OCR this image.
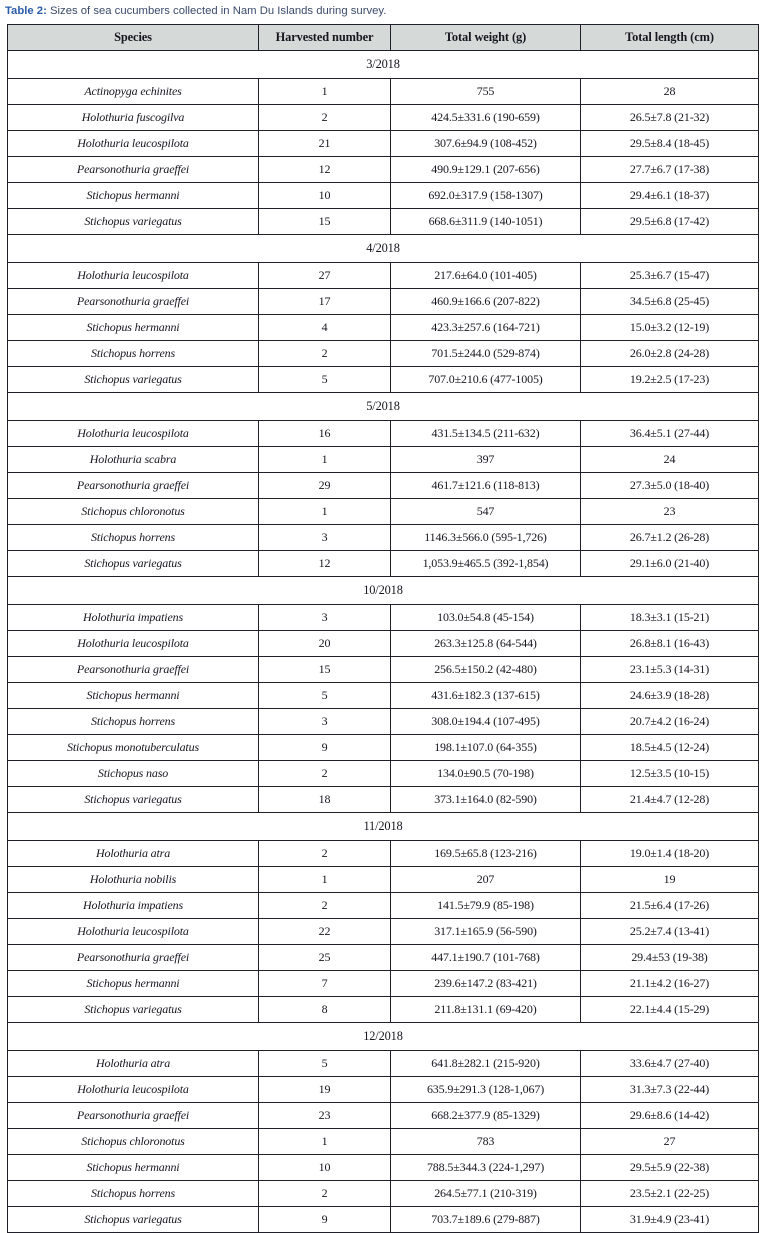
Table 2: Sizes of sea cucumbers collected in Nam Du Islands during survey.
Species	Harvested number	Total weight (g)	Total length (cm)
3/2018			
Actinopyga echinites	1	755	28
Holothuria fuscogilva	2	424.5±331.6 (190-659)	26.5±7.8 (21-32)
Holothuria leucospilota	21	307.6±94.9 (108-452)	29.5±8.4 (18-45)
Pearsonothuria graeffei	12	490.9±129.1 (207-656)	27.7±6.7 (17-38)
Stichopus hermanni	10	692.0±317.9 (158-1307)	29.4±6.1 (18-37)
Stichopus variegatus	15	668.6±311.9 (140-1051)	29.5±6.8 (17-42)
4/2018			
Holothuria leucospilota	27	217.6±64.0 (101-405)	25.3±6.7 (15-47)
Pearsonothuria graeffei	17	460.9±166.6 (207-822)	34.5±6.8 (25-45)
Stichopus hermanni	4	423.3±257.6 (164-721)	15.0±3.2 (12-19)
Stichopus horrens	2	701.5±244.0 (529-874)	26.0±2.8 (24-28)
Stichopus variegatus	5	707.0±210.6 (477-1005)	19.2±2.5 (17-23)
5/2018			
Holothuria leucospilota	16	431.5±134.5 (211-632)	36.4±5.1 (27-44)
Holothuria scabra	1	397	24
Pearsonothuria graeffei	29	461.7±121.6 (118-813)	27.3±5.0 (18-40)
Stichopus chloronotus	1	547	23
Stichopus horrens	3	1146.3±566.0 (595-1,726)	26.7±1.2 (26-28)
Stichopus variegatus	12	1,053.9±465.5 (392-1,854)	29.1±6.0 (21-40)
10/2018			
Holothuria impatiens	3	103.0±54.8 (45-154)	18.3±3.1 (15-21)
Holothuria leucospilota	20	263.3±125.8 (64-544)	26.8±8.1 (16-43)
Pearsonothuria graeffei	15	256.5±150.2 (42-480)	23.1±5.3 (14-31)
Stichopus hermanni	5	431.6±182.3 (137-615)	24.6±3.9 (18-28)
Stichopus horrens	3	308.0±194.4 (107-495)	20.7±4.2 (16-24)
Stichopus monotuberculatus	9	198.1±107.0 (64-355)	18.5±4.5 (12-24)
Stichopus naso	2	134.0±90.5 (70-198)	12.5±3.5 (10-15)
Stichopus variegatus	18	373.1±164.0 (82-590)	21.4±4.7 (12-28)
11/2018			
Holothuria atra	2	169.5±65.8 (123-216)	19.0±1.4 (18-20)
Holothuria nobilis	1	207	19
Holothuria impatiens	2	141.5±79.9 (85-198)	21.5±6.4 (17-26)
Holothuria leucospilota	22	317.1±165.9 (56-590)	25.2±7.4 (13-41)
Pearsonothuria graeffei	25	447.1±190.7 (101-768)	29.4±53 (19-38)
Stichopus hermanni	7	239.6±147.2 (83-421)	21.1±4.2 (16-27)
Stichopus variegatus	8	211.8±131.1 (69-420)	22.1±4.4 (15-29)
12/2018			
Holothuria atra	5	641.8±282.1 (215-920)	33.6±4.7 (27-40)
Holothuria leucospilota	19	635.9±291.3 (128-1,067)	31.3±7.3 (22-44)
Pearsonothuria graeffei	23	668.2±377.9 (85-1329)	29.6±8.6 (14-42)
Stichopus chloronotus	1	783	27
Stichopus hermanni	10	788.5±344.3 (224-1,297)	29.5±5.9 (22-38)
Stichopus horrens	2	264.5±77.1 (210-319)	23.5±2.1 (22-25)
Stichopus variegatus	9	703.7±189.6 (279-887)	31.9±4.9 (23-41)
